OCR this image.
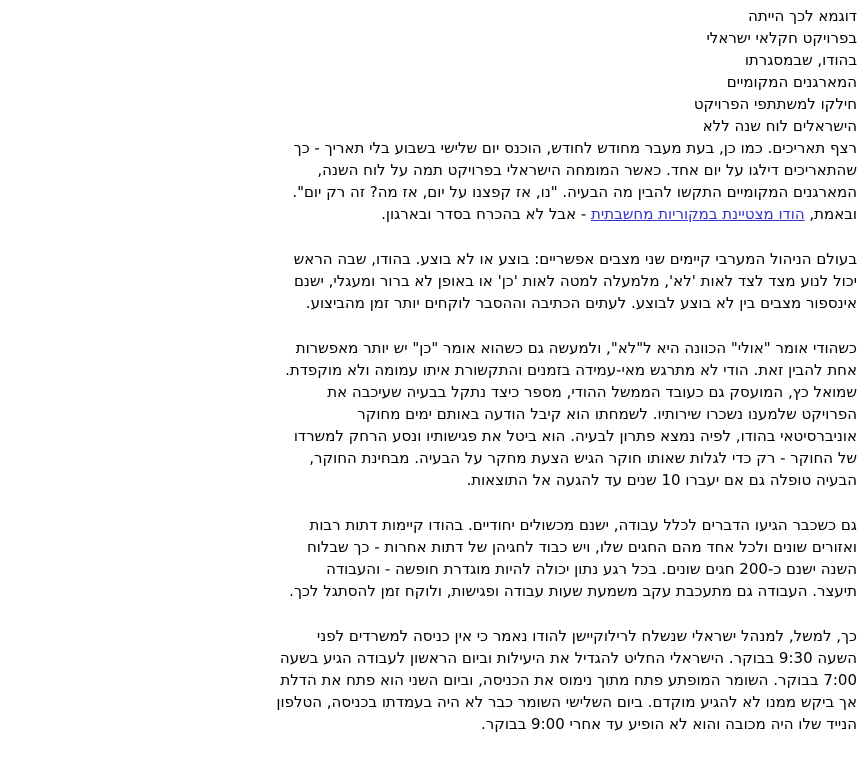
דוגמא לכך הייתה
בפרויקט חקלאי ישראלי
בהודו, שבמסגרתו
המארגנים המקומיים
חילקו למשתתפי הפרויקט
הישראלים לוח שנה ללא
רצף תאריכים. כמו כן, בעת מעבר מחודש לחודש, הוכנס יום שלישי בשבוע בלי תאריך - כך
שהתאריכים דילגו על יום אחד. כאשר המומחה הישראלי בפרויקט תמה על לוח השנה,
המארגנים המקומיים התקשו להבין מה הבעיה. "נו, אז קפצנו על יום, אז מה? זה רק יום".
ובאמת, הודו מצטיינת במקוריות מחשבתית - אבל לא בהכרח בסדר ובארגון.
בעולם הניהול המערבי קיימים שני מצבים אפשריים: בוצע או לא בוצע. בהודו, שבה הראש
יכול לנוע מצד לצד לאות 'לא', מלמעלה למטה לאות 'כן' או באופן לא ברור ומעגלי, ישנם
אינספור מצבים בין לא בוצע לבוצע. לעתים הכתיבה וההסבר לוקחים יותר זמן מהביצוע.
כשהודי אומר "אולי" הכוונה היא ל"לא", ולמעשה גם כשהוא אומר "כן" יש יותר מאפשרות
אחת להבין זאת. הודי לא מתרגש מאי-עמידה בזמנים והתקשורת איתו עמומה ולא מוקפדת.
שמואל כץ, המועסק גם כעובד הממשל ההודי, מספר כיצד נתקל בבעיה שעיכבה את
הפרויקט שלמענו נשכרו שירותיו. לשמחתו הוא קיבל הודעה באותם ימים מחוקר
אוניברסיטאי בהודו, לפיה נמצא פתרון לבעיה. הוא ביטל את פגישותיו ונסע הרחק למשרדו
של החוקר - רק כדי לגלות שאותו חוקר הגיש הצעת מחקר על הבעיה. מבחינת החוקר,
הבעיה טופלה גם אם יעברו 10 שנים עד להגעה אל התוצאות.
גם כשכבר הגיעו הדברים לכלל עבודה, ישנם מכשולים יחודיים. בהודו קיימות דתות רבות
ואזורים שונים ולכל אחד מהם החגים שלו, ויש כבוד לחגיהן של דתות אחרות - כך שבלוח
השנה ישנם כ-200 חגים שונים. בכל רגע נתון יכולה להיות מוגדרת חופשה - והעבודה
תיעצר. העבודה גם מתעכבת עקב משמעת שעות עבודה ופגישות, ולוקח זמן להסתגל לכך.
כך, למשל, למנהל ישראלי שנשלח לרילוקיישן להודו נאמר כי אין כניסה למשרדים לפני
השעה 9:30 בבוקר. הישראלי החליט להגדיל את היעילות וביום הראשון לעבודה הגיע בשעה
7:00 בבוקר. השומר המופתע פתח מתוך נימוס את הכניסה, וביום השני הוא פתח את הדלת
אך ביקש ממנו לא להגיע מוקדם. ביום השלישי השומר כבר לא היה בעמדתו בכניסה, הטלפון
הנייד שלו היה מכובה והוא לא הופיע עד אחרי 9:00 בבוקר.
